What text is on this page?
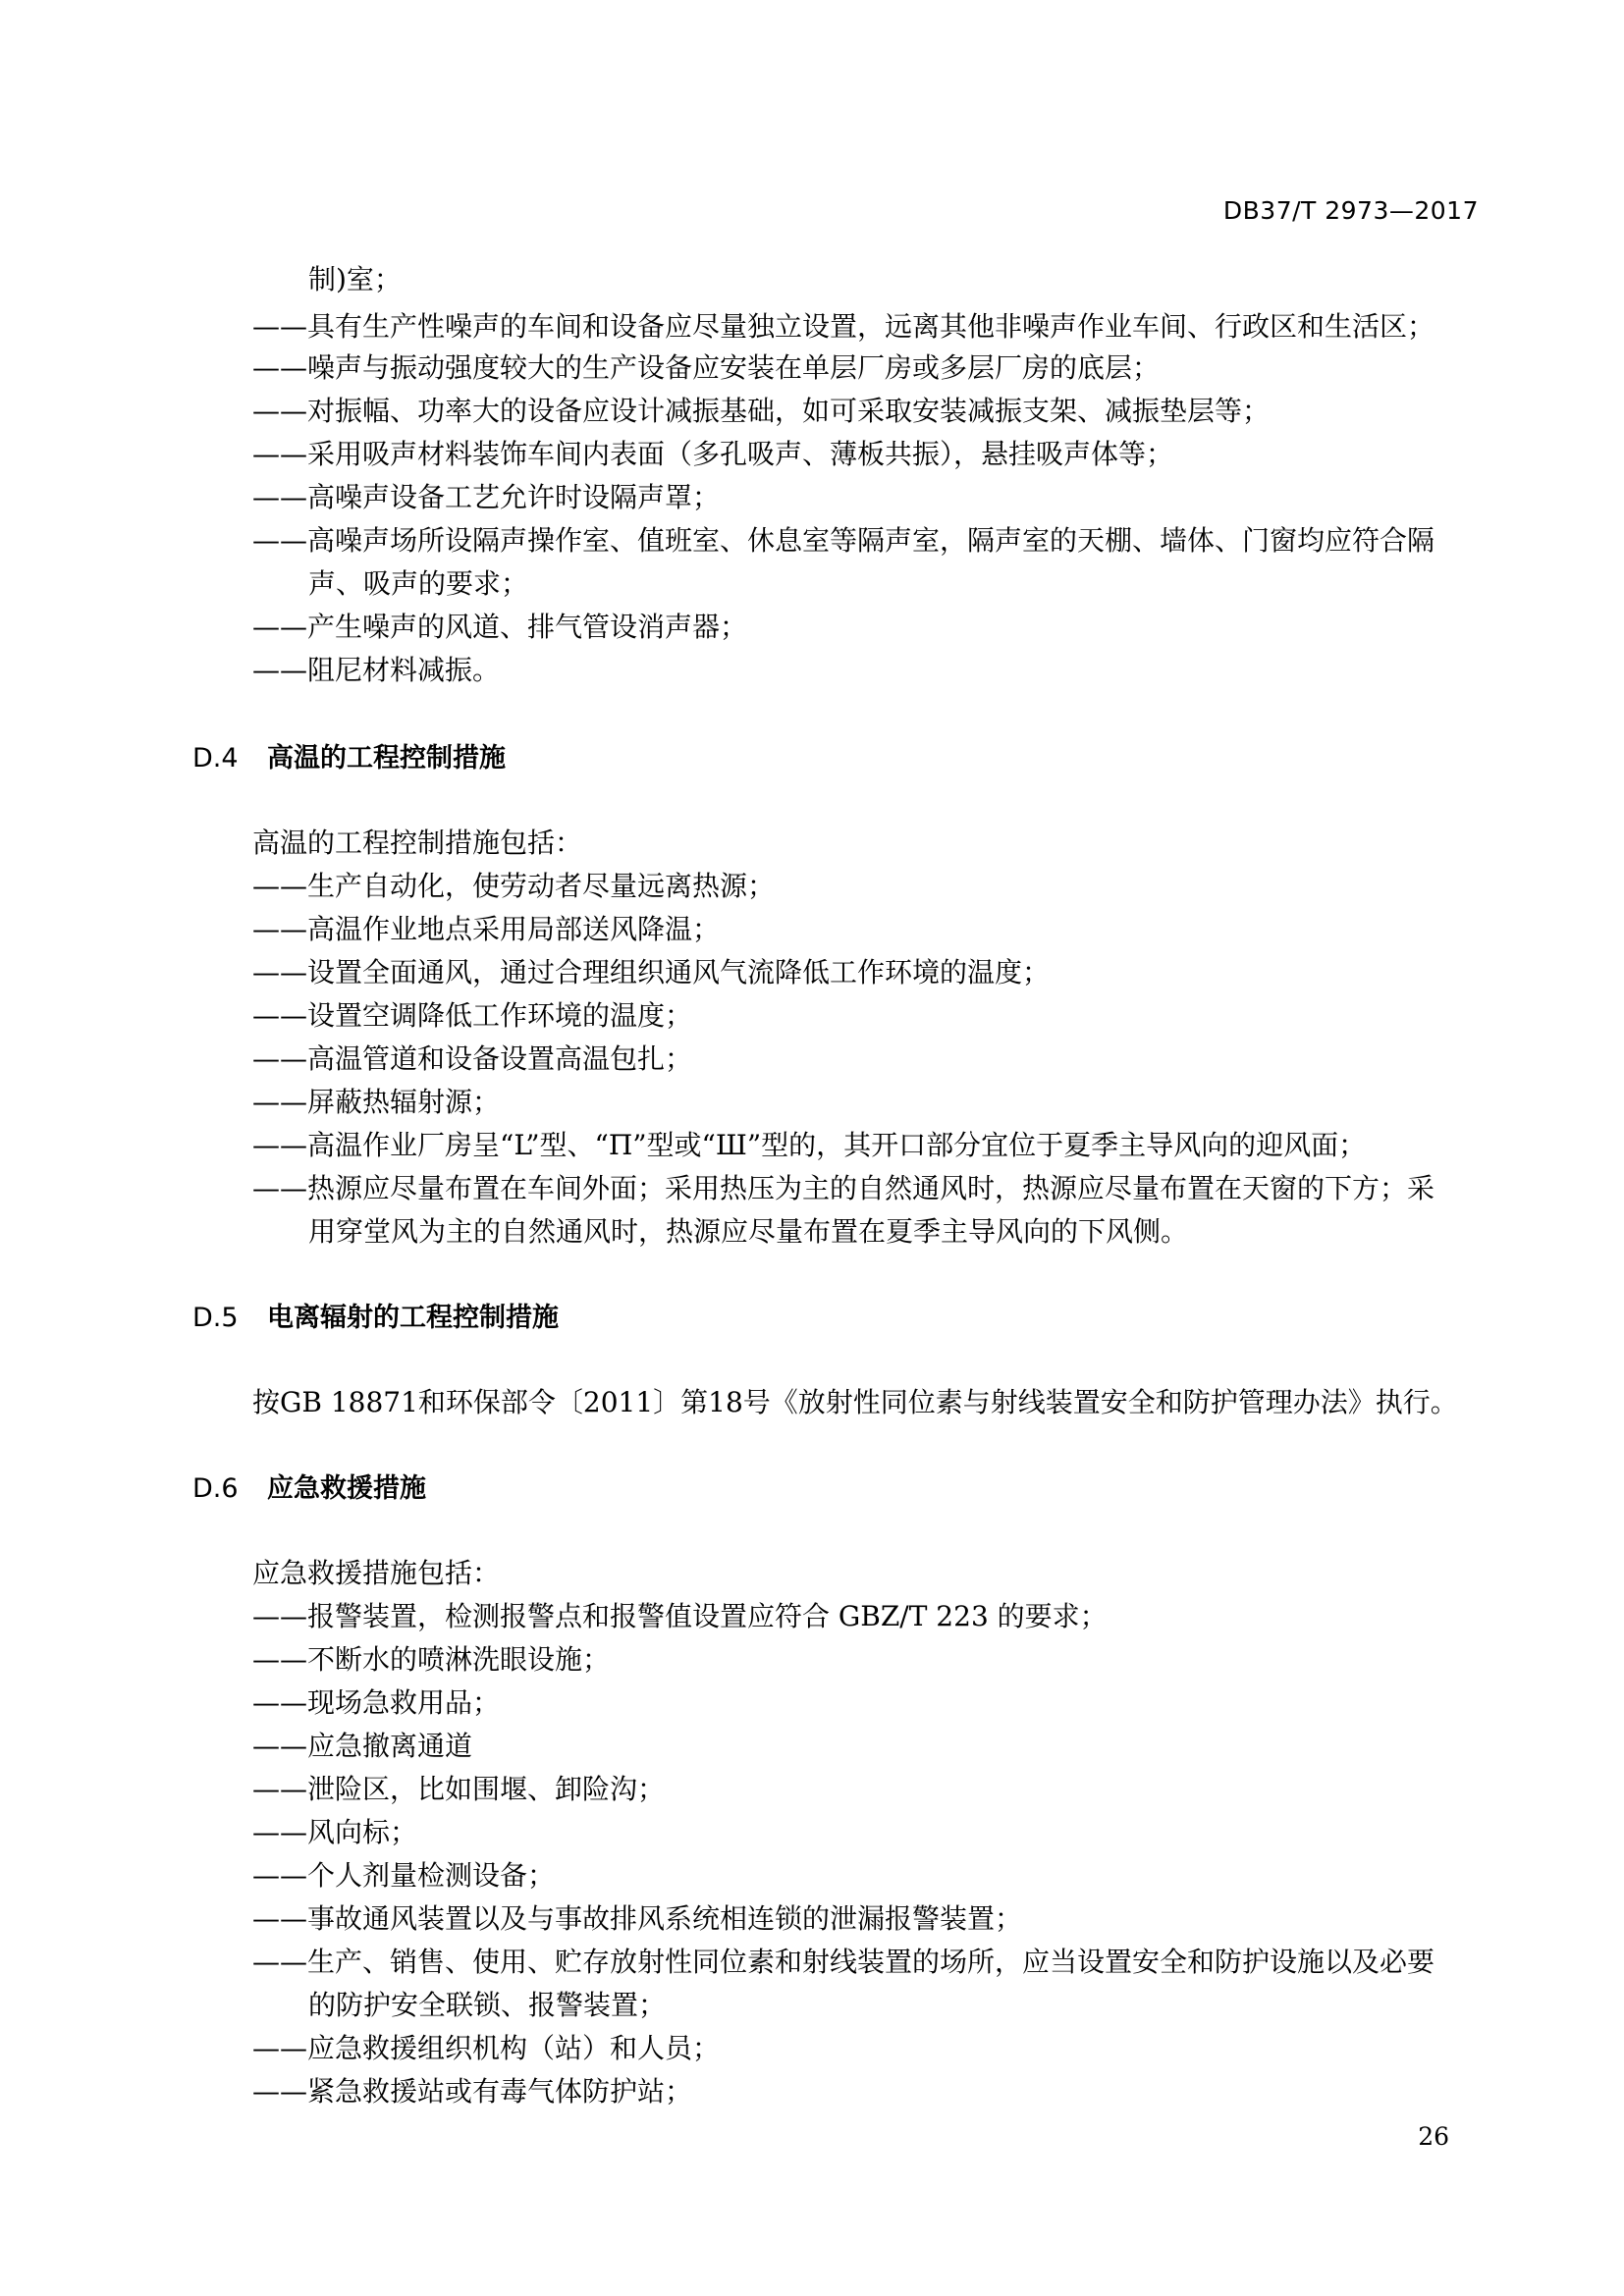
DB37/T 2973—2017
制)室；
——具有生产性噪声的车间和设备应尽量独立设置，远离其他非噪声作业车间、行政区和生活区；
——噪声与振动强度较大的生产设备应安装在单层厂房或多层厂房的底层；
——对振幅、功率大的设备应设计减振基础，如可采取安装减振支架、减振垫层等；
——采用吸声材料装饰车间内表面（多孔吸声、薄板共振），悬挂吸声体等；
——高噪声设备工艺允许时设隔声罩；
——高噪声场所设隔声操作室、值班室、休息室等隔声室，隔声室的天棚、墙体、门窗均应符合隔
声、吸声的要求；
——产生噪声的风道、排气管设消声器；
——阻尼材料减振。
D.4 高温的工程控制措施
高温的工程控制措施包括：
——生产自动化，使劳动者尽量远离热源；
——高温作业地点采用局部送风降温；
——设置全面通风，通过合理组织通风气流降低工作环境的温度；
——设置空调降低工作环境的温度；
——高温管道和设备设置高温包扎；
——屏蔽热辐射源；
——高温作业厂房呈“L”型、“П”型或“Ш”型的，其开口部分宜位于夏季主导风向的迎风面；
——热源应尽量布置在车间外面；采用热压为主的自然通风时，热源应尽量布置在天窗的下方；采
用穿堂风为主的自然通风时，热源应尽量布置在夏季主导风向的下风侧。
D.5 电离辐射的工程控制措施
按GB 18871和环保部令〔2011〕第18号《放射性同位素与射线装置安全和防护管理办法》执行。
D.6 应急救援措施
应急救援措施包括：
——报警装置，检测报警点和报警值设置应符合 GBZ/T 223 的要求；
——不断水的喷淋洗眼设施；
——现场急救用品；
——应急撤离通道
——泄险区，比如围堰、卸险沟；
——风向标；
——个人剂量检测设备；
——事故通风装置以及与事故排风系统相连锁的泄漏报警装置；
——生产、销售、使用、贮存放射性同位素和射线装置的场所，应当设置安全和防护设施以及必要
的防护安全联锁、报警装置；
——应急救援组织机构（站）和人员；
——紧急救援站或有毒气体防护站；
26
